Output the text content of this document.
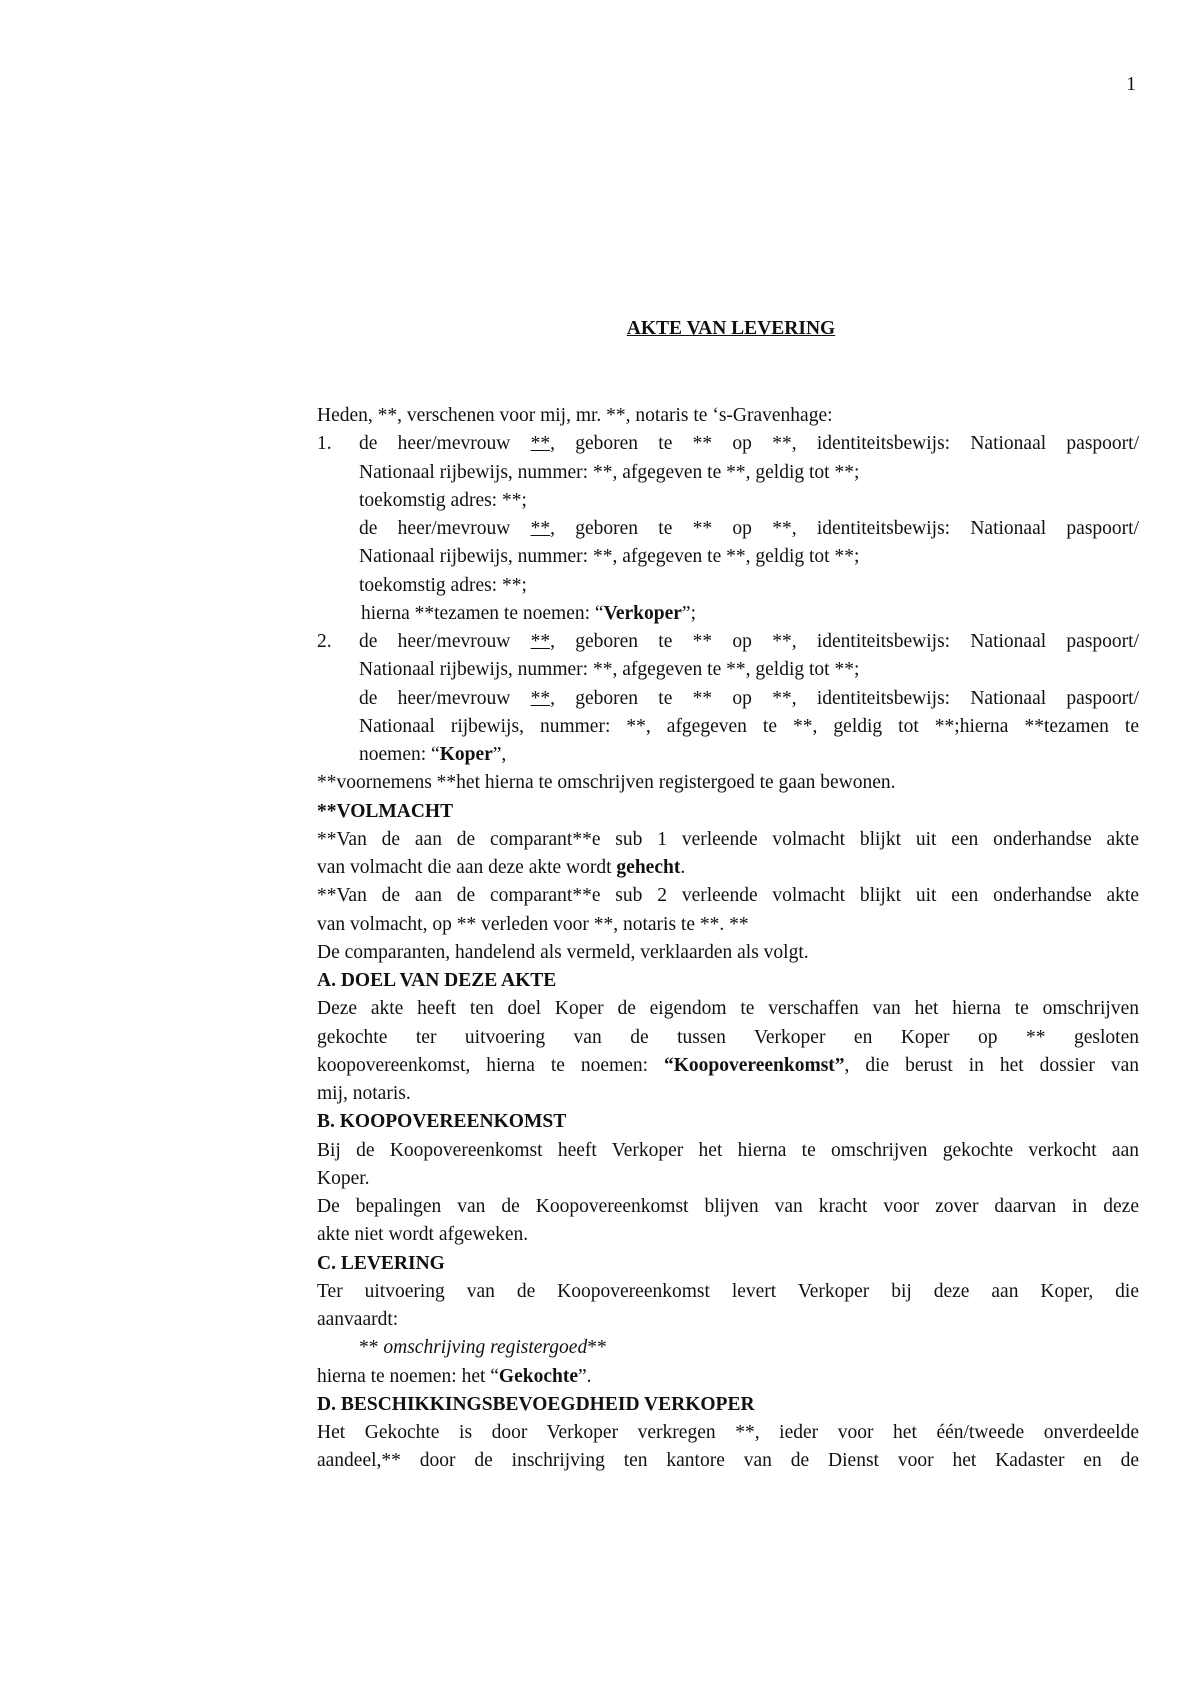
1
AKTE VAN LEVERING
Heden, **, verschenen voor mij, mr. **, notaris te ‘s-Gravenhage:
1. de heer/mevrouw **, geboren te ** op **, identiteitsbewijs: Nationaal paspoort/
Nationaal rijbewijs, nummer: **, afgegeven te **, geldig tot **;
toekomstig adres: **;
de heer/mevrouw **, geboren te ** op **, identiteitsbewijs: Nationaal paspoort/
Nationaal rijbewijs, nummer: **, afgegeven te **, geldig tot **;
toekomstig adres: **;
hierna **tezamen te noemen: “Verkoper”;
2. de heer/mevrouw **, geboren te ** op **, identiteitsbewijs: Nationaal paspoort/
Nationaal rijbewijs, nummer: **, afgegeven te **, geldig tot **;
de heer/mevrouw **, geboren te ** op **, identiteitsbewijs: Nationaal paspoort/
Nationaal rijbewijs, nummer: **, afgegeven te **, geldig tot **;hierna **tezamen te
noemen: “Koper”,
**voornemens **het hierna te omschrijven registergoed te gaan bewonen.
**VOLMACHT
**Van de aan de comparant**e sub 1 verleende volmacht blijkt uit een onderhandse akte
van volmacht die aan deze akte wordt gehecht.
**Van de aan de comparant**e sub 2 verleende volmacht blijkt uit een onderhandse akte
van volmacht, op ** verleden voor **, notaris te **. **
De comparanten, handelend als vermeld, verklaarden als volgt.
A. DOEL VAN DEZE AKTE
Deze akte heeft ten doel Koper de eigendom te verschaffen van het hierna te omschrijven
gekochte ter uitvoering van de tussen Verkoper en Koper op ** gesloten
koopovereenkomst, hierna te noemen: “Koopovereenkomst”, die berust in het dossier van
mij, notaris.
B. KOOPOVEREENKOMST
Bij de Koopovereenkomst heeft Verkoper het hierna te omschrijven gekochte verkocht aan
Koper.
De bepalingen van de Koopovereenkomst blijven van kracht voor zover daarvan in deze
akte niet wordt afgeweken.
C. LEVERING
Ter uitvoering van de Koopovereenkomst levert Verkoper bij deze aan Koper, die
aanvaardt:
** omschrijving registergoed**
hierna te noemen: het “Gekochte”.
D. BESCHIKKINGSBEVOEGDHEID VERKOPER
Het Gekochte is door Verkoper verkregen **, ieder voor het één/tweede onverdeelde
aandeel,** door de inschrijving ten kantore van de Dienst voor het Kadaster en de
